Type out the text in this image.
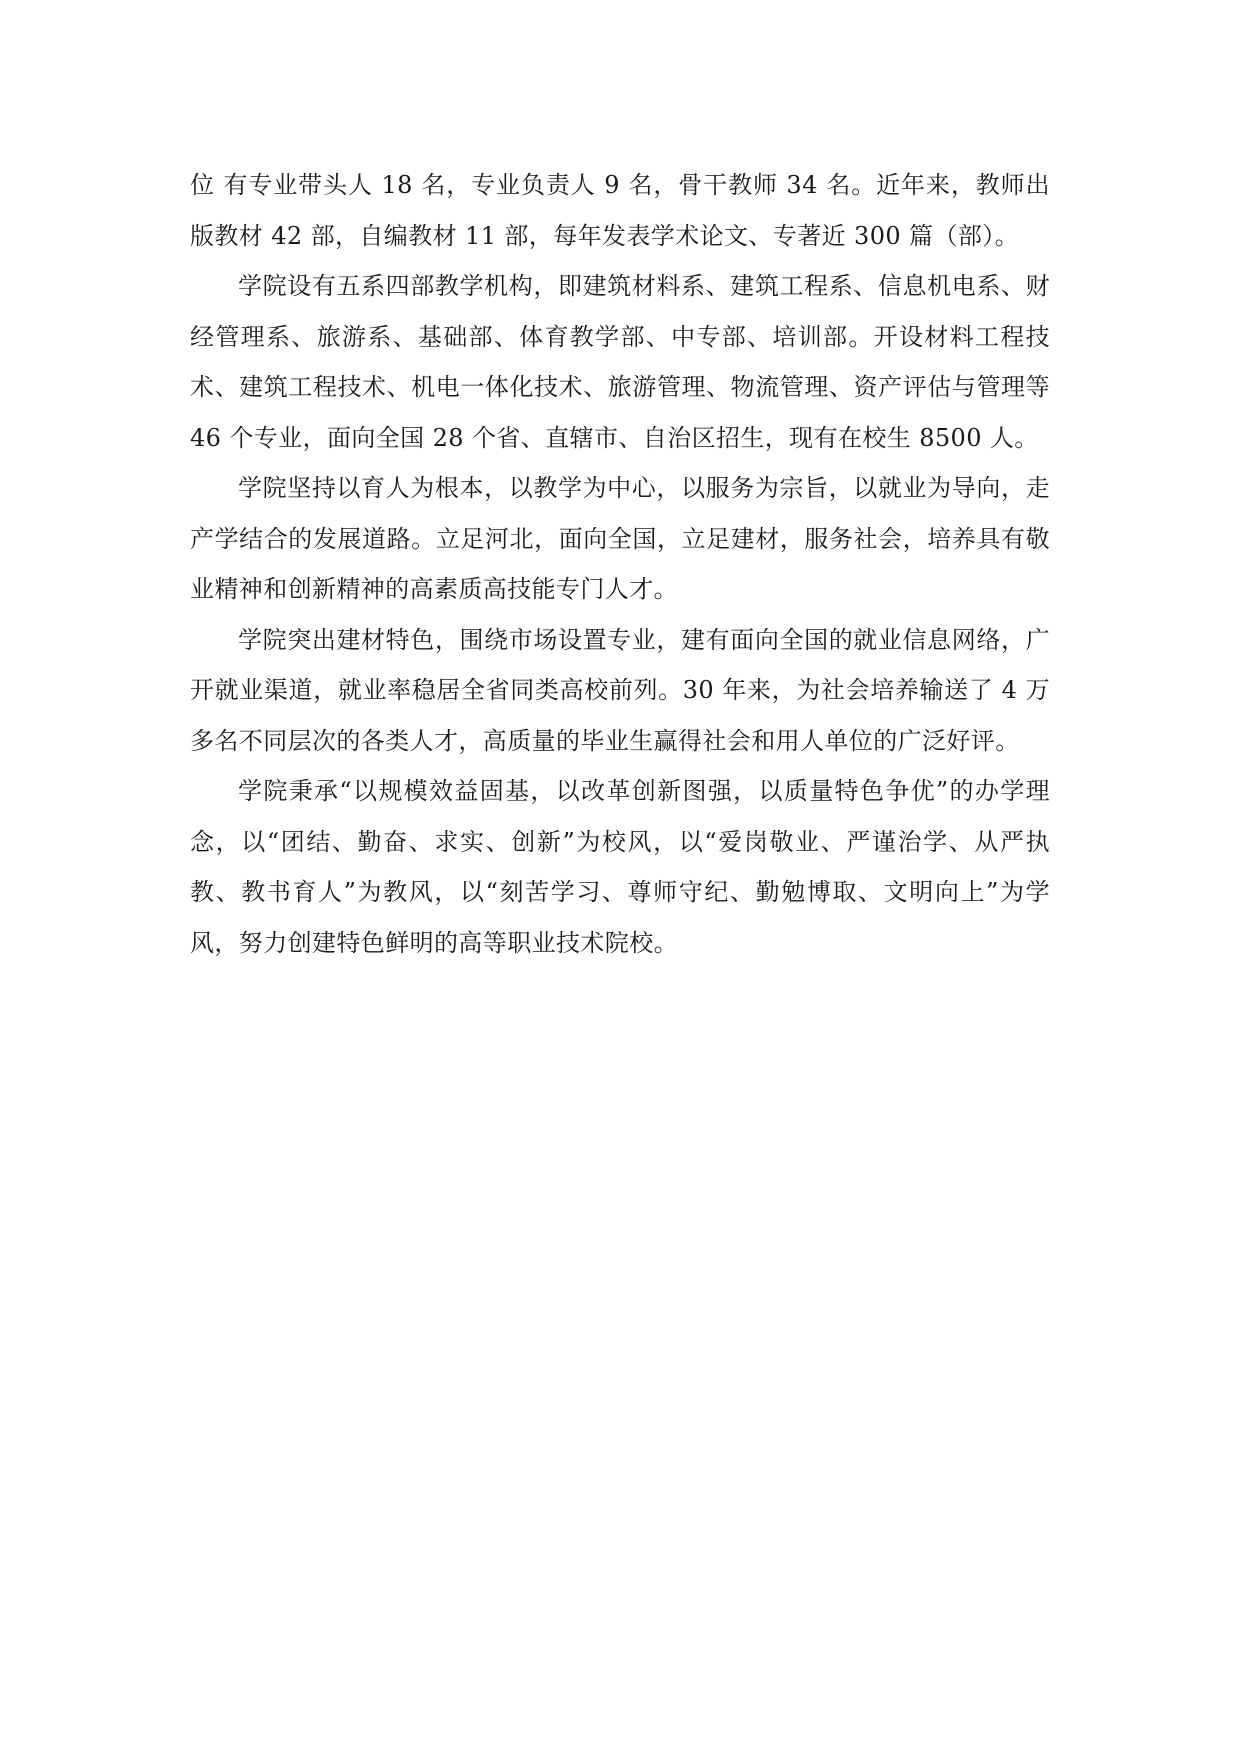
位 有专业带头人 18 名，专业负责人 9 名，骨干教师 34 名。近年来，教师出版教材 42 部，自编教材 11 部，每年发表学术论文、专著近 300 篇（部）。

学院设有五系四部教学机构，即建筑材料系、建筑工程系、信息机电系、财经管理系、旅游系、基础部、体育教学部、中专部、培训部。开设材料工程技术、建筑工程技术、机电一体化技术、旅游管理、物流管理、资产评估与管理等 46 个专业，面向全国 28 个省、直辖市、自治区招生，现有在校生 8500 人。

学院坚持以育人为根本，以教学为中心，以服务为宗旨，以就业为导向，走产学结合的发展道路。立足河北，面向全国，立足建材，服务社会，培养具有敬业精神和创新精神的高素质高技能专门人才。

学院突出建材特色，围绕市场设置专业，建有面向全国的就业信息网络，广开就业渠道，就业率稳居全省同类高校前列。30 年来，为社会培养输送了 4 万多名不同层次的各类人才，高质量的毕业生赢得社会和用人单位的广泛好评。

学院秉承“以规模效益固基，以改革创新图强，以质量特色争优”的办学理念，以“团结、勤奋、求实、创新”为校风，以“爱岗敬业、严谨治学、从严执教、教书育人”为教风，以“刻苦学习、尊师守纪、勤勉博取、文明向上”为学风，努力创建特色鲜明的高等职业技术院校。
